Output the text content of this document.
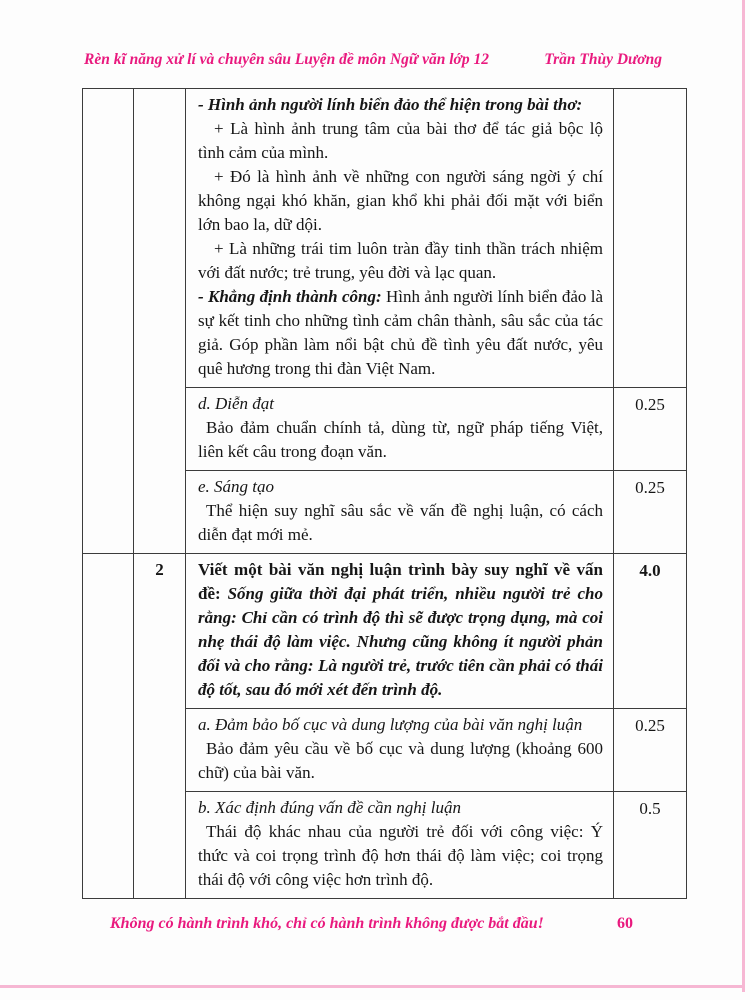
Rèn kĩ năng xử lí và chuyên sâu Luyện đề môn Ngữ văn lớp 12	Trần Thùy Dương

		- Hình ảnh người lính biển đảo thể hiện trong bài thơ:

+ Là hình ảnh trung tâm của bài thơ để tác giả bộc lộ tình cảm của mình.

+ Đó là hình ảnh về những con người sáng ngời ý chí không ngại khó khăn, gian khổ khi phải đối mặt với biển lớn bao la, dữ dội.

+ Là những trái tim luôn tràn đầy tinh thần trách nhiệm với đất nước; trẻ trung, yêu đời và lạc quan.

- Khẳng định thành công: Hình ảnh người lính biển đảo là sự kết tinh cho những tình cảm chân thành, sâu sắc của tác giả. Góp phần làm nổi bật chủ đề tình yêu đất nước, yêu quê hương trong thi đàn Việt Nam.	

		d. Diễn đạt

Bảo đảm chuẩn chính tả, dùng từ, ngữ pháp tiếng Việt, liên kết câu trong đoạn văn.	0.25

		e. Sáng tạo

Thể hiện suy nghĩ sâu sắc về vấn đề nghị luận, có cách diễn đạt mới mẻ.	0.25
	2	Viết một bài văn nghị luận trình bày suy nghĩ về vấn đề: Sống giữa thời đại phát triển, nhiều người trẻ cho rằng: Chỉ cần có trình độ thì sẽ được trọng dụng, mà coi nhẹ thái độ làm việc. Nhưng cũng không ít người phản đối và cho rằng: Là người trẻ, trước tiên cần phải có thái độ tốt, sau đó mới xét đến trình độ.	4.0

		a. Đảm bảo bố cục và dung lượng của bài văn nghị luận

Bảo đảm yêu cầu về bố cục và dung lượng (khoảng 600 chữ) của bài văn.	0.25

		b. Xác định đúng vấn đề cần nghị luận

Thái độ khác nhau của người trẻ đối với công việc: Ý thức và coi trọng trình độ hơn thái độ làm việc; coi trọng thái độ với công việc hơn trình độ.	0.5
Không có hành trình khó, chỉ có hành trình không được bắt đầu!	60
